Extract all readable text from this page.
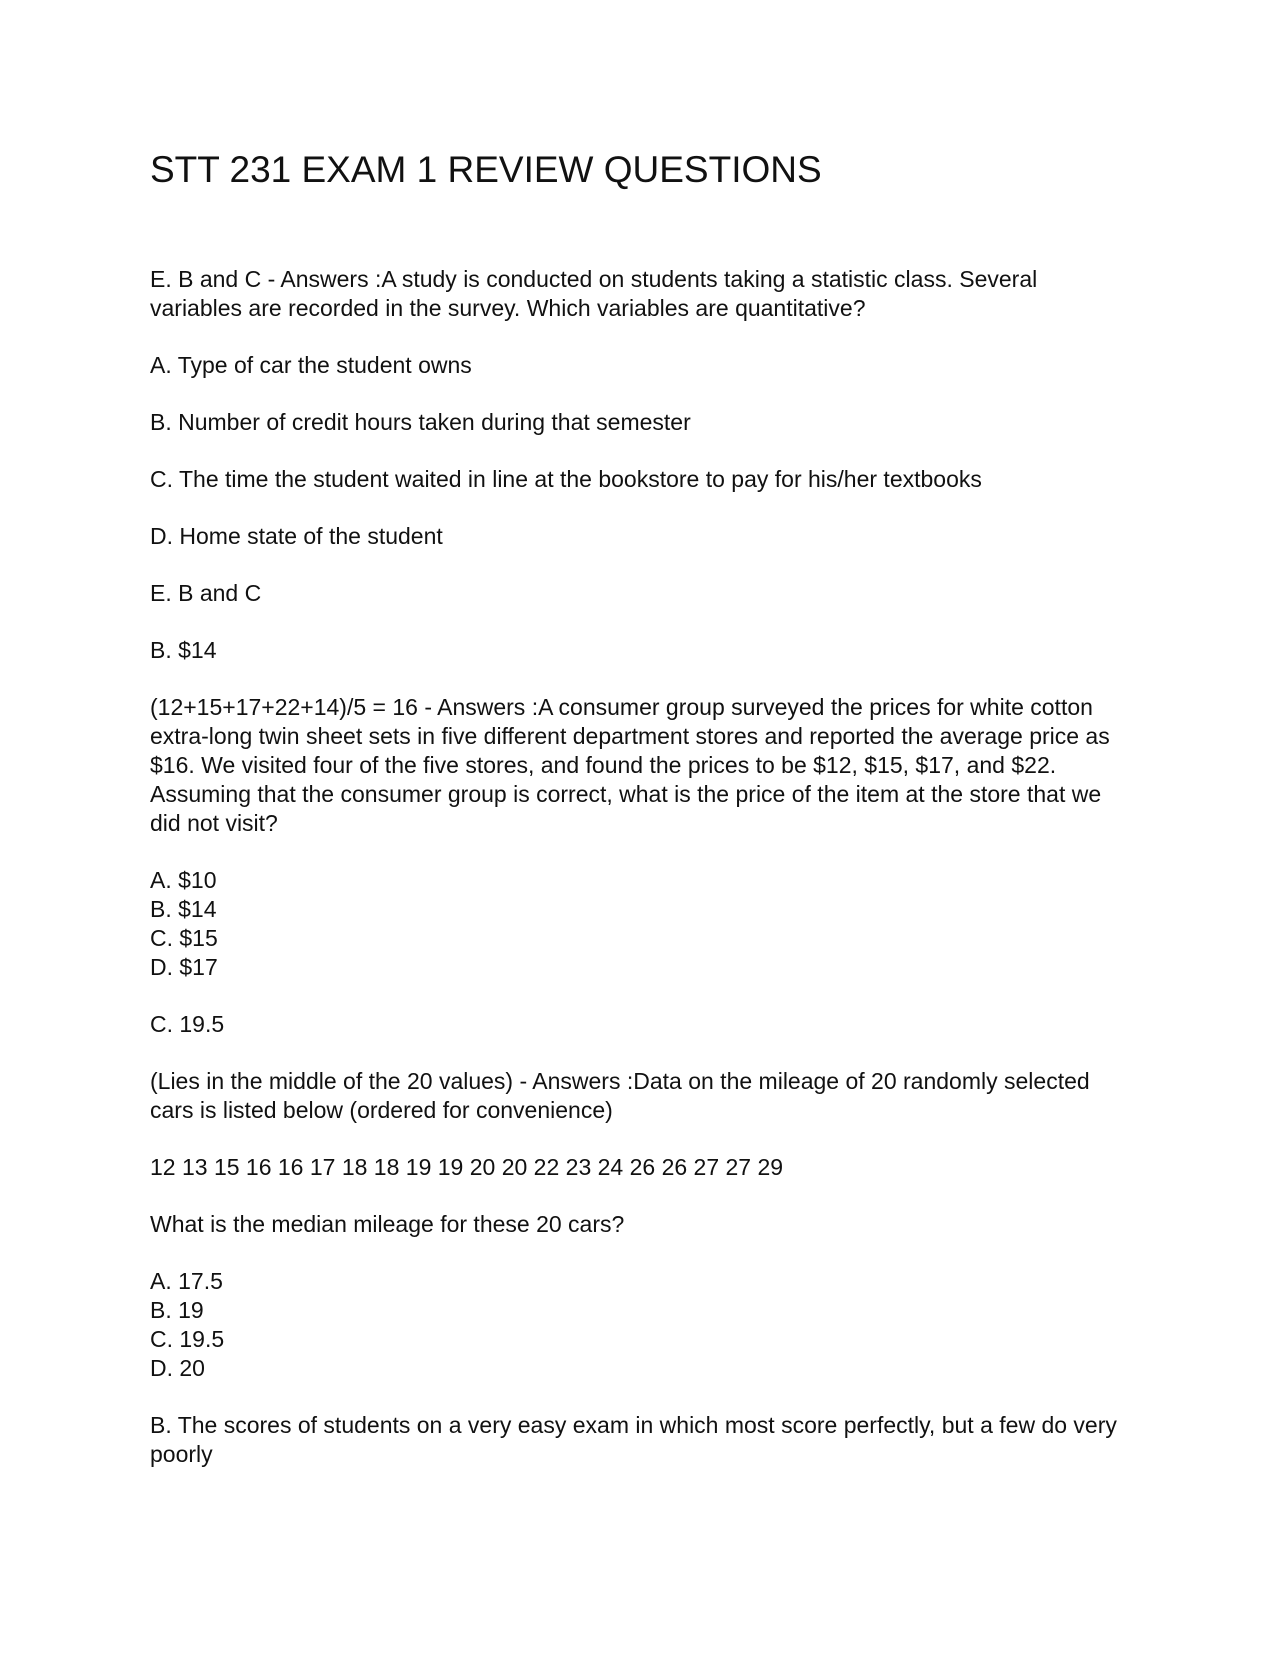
STT 231 EXAM 1 REVIEW QUESTIONS

E. B and C - Answers :A study is conducted on students taking a statistic class. Several variables are recorded in the survey. Which variables are quantitative?

A. Type of car the student owns

B. Number of credit hours taken during that semester

C. The time the student waited in line at the bookstore to pay for his/her textbooks

D. Home state of the student

E. B and C

B. $14

(12+15+17+22+14)/5 = 16 - Answers :A consumer group surveyed the prices for white cotton extra-long twin sheet sets in five different department stores and reported the average price as $16. We visited four of the five stores, and found the prices to be $12, $15, $17, and $22. Assuming that the consumer group is correct, what is the price of the item at the store that we did not visit?

A. $10
B. $14
C. $15
D. $17

C. 19.5

(Lies in the middle of the 20 values) - Answers :Data on the mileage of 20 randomly selected cars is listed below (ordered for convenience)

12 13 15 16 16 17 18 18 19 19 20 20 22 23 24 26 26 27 27 29

What is the median mileage for these 20 cars?

A. 17.5
B. 19
C. 19.5
D. 20

B. The scores of students on a very easy exam in which most score perfectly, but a few do very poorly
